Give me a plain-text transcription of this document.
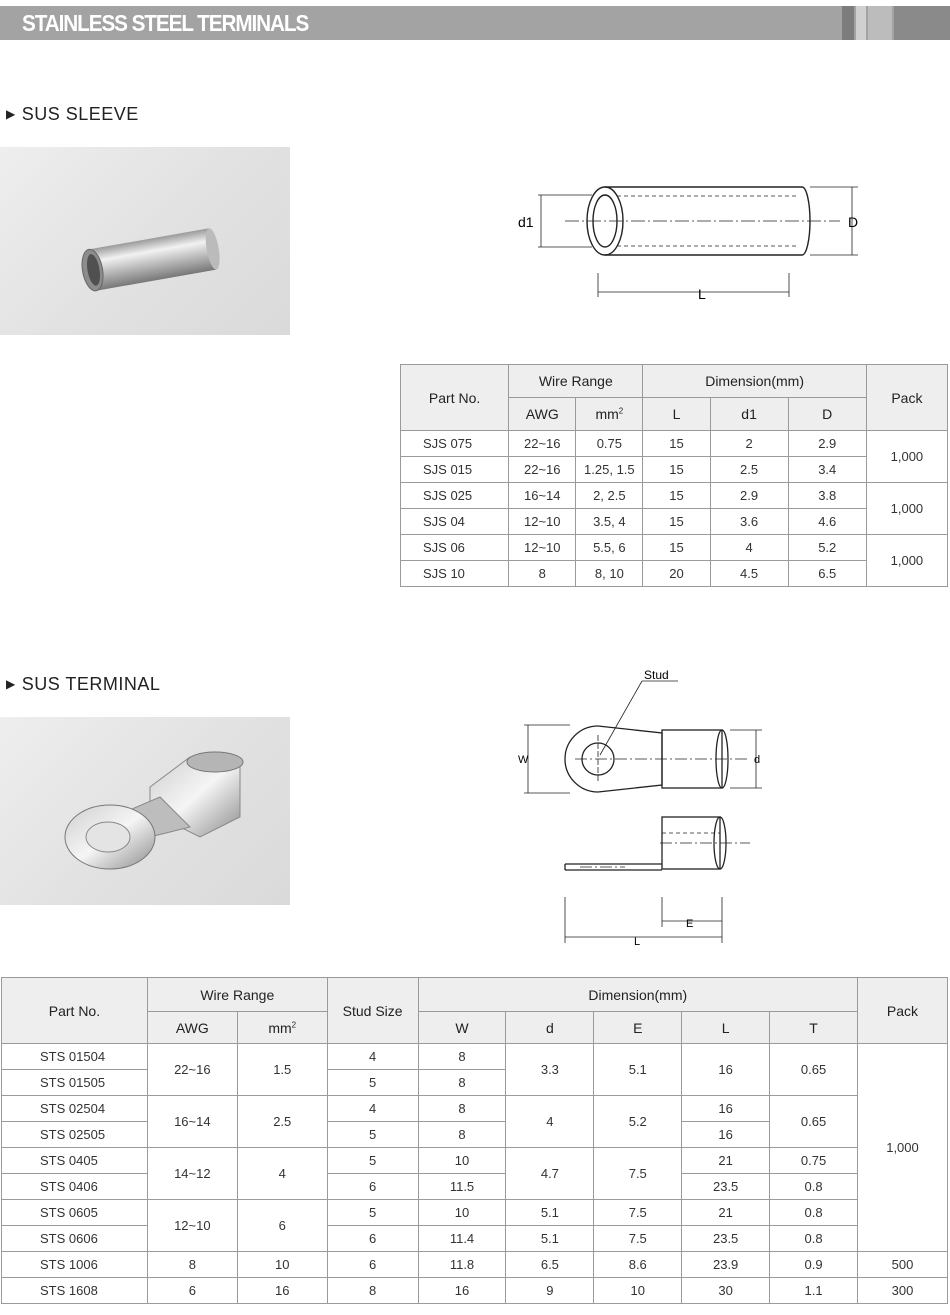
STAINLESS STEEL TERMINALS
▶ SUS SLEEVE
d1	D
L
Part No.	Wire Range		Dimension(mm)			Pack
	AWG	$mm^2$	L	d1	D	
SJS 075	22~16	0.75	15	2	2.9	1,000
SJS 015	22~16	1.25, 1.5	15	2.5	3.4	
SJS 025	16~14	2, 2.5	15	2.9	3.8	1,000
SJS 04	12~10	3.5, 4	15	3.6	4.6	
SJS 06	12~10	5.5, 6	15	4	5.2	1,000
SJS 10	8	8, 10	20	4.5	6.5	
▶ SUS TERMINAL	Stud
W	d
E
L
Part No.	Wire Range		Stud Size	Dimension(mm)					Pack
	AWG	$mm^2$		W	d	E	L	T	
STS 01504	22~16	1.5	4	8	3.3	5.1	16	0.65	1,000
STS 01505			5	8					
STS 02504	16~14	2.5	4	8	4	5.2	16	0.65	
STS 02505			5	8			16		
STS 0405	14~12	4	5	10	4.7	7.5	21	0.75	
STS 0406			6	11.5			23.5	0.8	
STS 0605	12~10	6	5	10	5.1	7.5	21	0.8	
STS 0606			6	11.4	5.1	7.5	23.5	0.8	
STS 1006	8	10	6	11.8	6.5	8.6	23.9	0.9	500
STS 1608	6	16	8	16	9	10	30	1.1	300
